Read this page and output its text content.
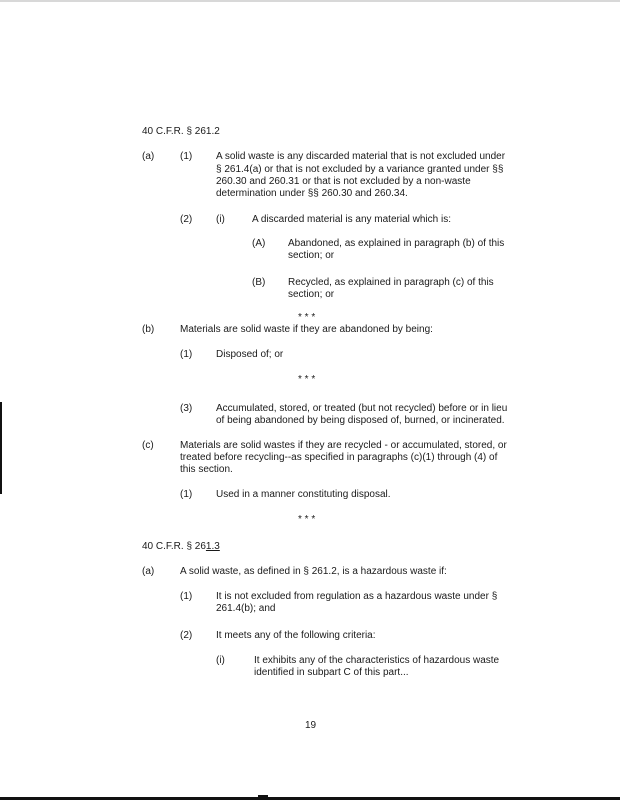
40 C.F.R. § 261.2
(a)	(1) A solid waste is any discarded material that is not excluded under
§ 261.4(a) or that is not excluded by a variance granted under §§
260.30 and 260.31 or that is not excluded by a non-waste
determination under §§ 260.30 and 260.34.
(2) (i)	A discarded material is any material which is:
(A) Abandoned, as explained in paragraph (b) of this
section; or
(B) Recycled, as explained in paragraph (c) of this
section; or
* * *
(b)	Materials are solid waste if they are abandoned by being:
(1) Disposed of; or
* * *
(3) Accumulated, stored, or treated (but not recycled) before or in lieu
of being abandoned by being disposed of, burned, or incinerated.
(c)	Materials are solid wastes if they are recycled - or accumulated, stored, or
treated before recycling--as specified in paragraphs (c)(1) through (4) of
this section.
(1) Used in a manner constituting disposal.
* * *
40 C.F.R. § 261.3
(a)	A solid waste, as defined in § 261.2, is a hazardous waste if:
(1) It is not excluded from regulation as a hazardous waste under §
261.4(b); and
(2) It meets any of the following criteria:
(i)	It exhibits any of the characteristics of hazardous waste
identified in subpart C of this part...
19
